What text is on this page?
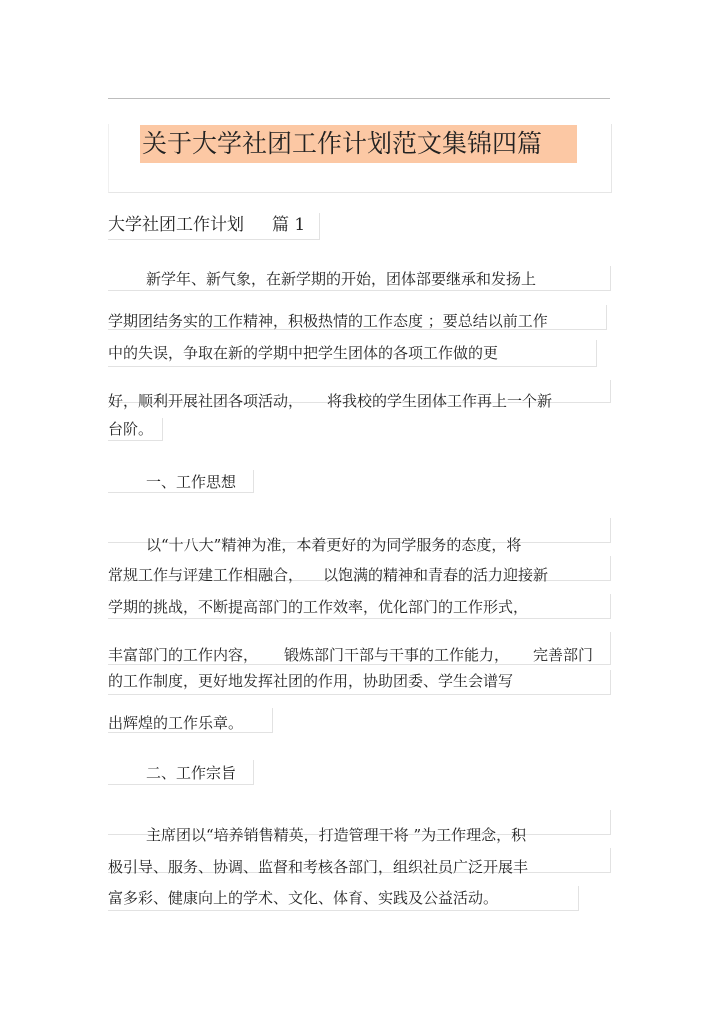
关于大学社团工作计划范文集锦四篇
大学社团工作计划 篇 1
新学年、新气象，在新学期的开始，团体部要继承和发扬上
学期团结务实的工作精神，积极热情的工作态度 ；要总结以前工作
中的失误，争取在新的学期中把学生团体的各项工作做的更
好，顺利开展社团各项活动， 将我校的学生团体工作再上一个新
台阶。
一、工作思想
以“十八大”精神为准，本着更好的为同学服务的态度，将
常规工作与评建工作相融合， 以饱满的精神和青春的活力迎接新
学期的挑战，不断提高部门的工作效率，优化部门的工作形式，
丰富部门的工作内容， 锻炼部门干部与干事的工作能力， 完善部门
的工作制度，更好地发挥社团的作用，协助团委、学生会谱写
出辉煌的工作乐章。
二、工作宗旨
主席团以“培养销售精英，打造管理干将 ”为工作理念，积
极引导、服务、协调、监督和考核各部门，组织社员广泛开展丰
富多彩、健康向上的学术、文化、体育、实践及公益活动。
